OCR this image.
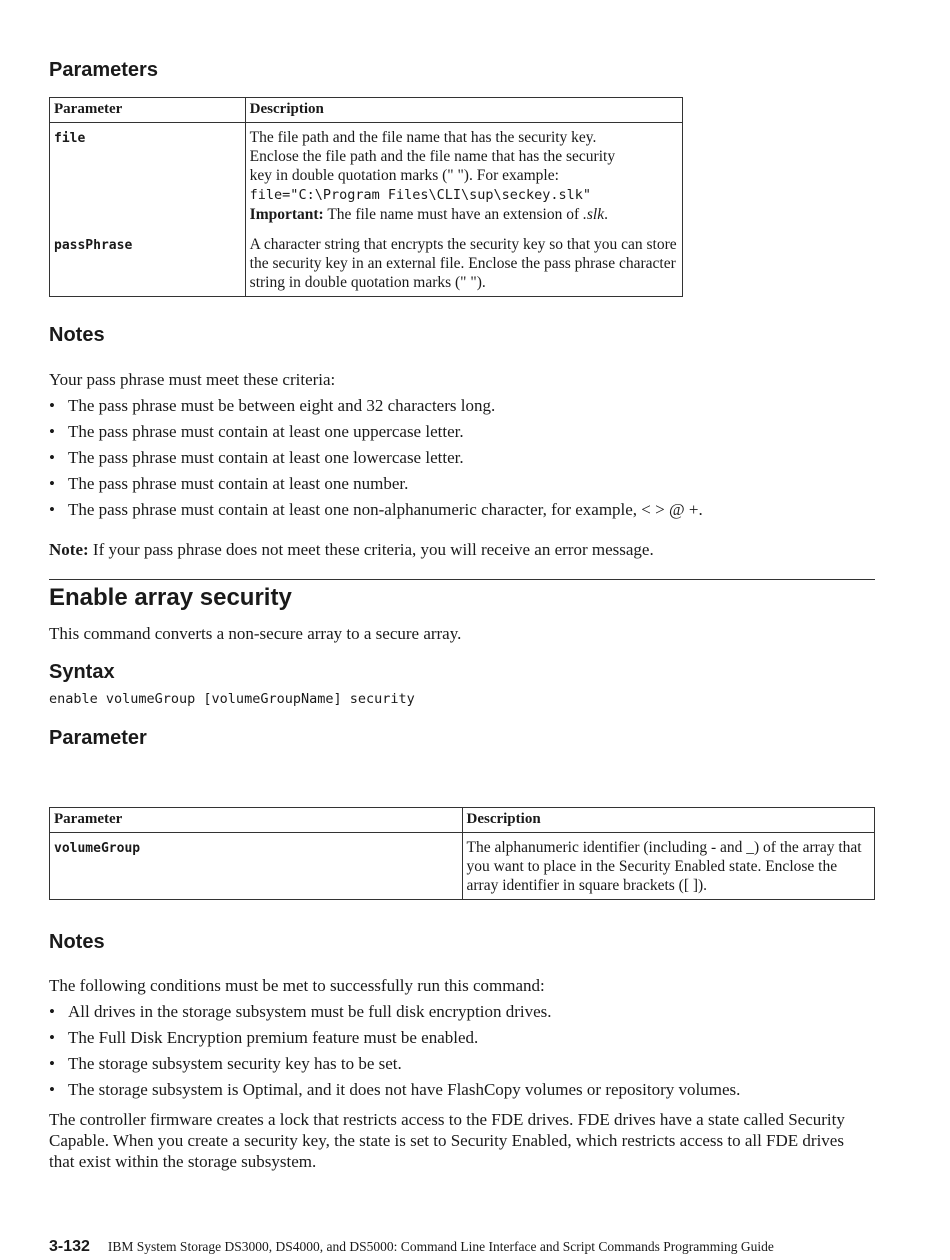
Parameters
Parameter	Description
file	The file path and the file name that has the security key.
Enclose the file path and the file name that has the security
key in double quotation marks (" "). For example:
file="C:\Program Files\CLI\sup\seckey.slk"
Important: The file name must have an extension of .slk.
passPhrase	A character string that encrypts the security key so that you can store the security key in an external file. Enclose the pass phrase character string in double quotation marks (" ").
Notes
Your pass phrase must meet these criteria:
• The pass phrase must be between eight and 32 characters long.
• The pass phrase must contain at least one uppercase letter.
• The pass phrase must contain at least one lowercase letter.
• The pass phrase must contain at least one number.
• The pass phrase must contain at least one non-alphanumeric character, for example, < > @ +.
Note: If your pass phrase does not meet these criteria, you will receive an error message.
Enable array security
This command converts a non-secure array to a secure array.
Syntax
enable volumeGroup [volumeGroupName] security
Parameter
Parameter	Description
volumeGroup	The alphanumeric identifier (including - and _) of the array that you want to place in the Security Enabled state. Enclose the array identifier in square brackets ([ ]).
Notes
The following conditions must be met to successfully run this command:
• All drives in the storage subsystem must be full disk encryption drives.
• The Full Disk Encryption premium feature must be enabled.
• The storage subsystem security key has to be set.
• The storage subsystem is Optimal, and it does not have FlashCopy volumes or repository volumes.
The controller firmware creates a lock that restricts access to the FDE drives. FDE drives have a state called Security Capable. When you create a security key, the state is set to Security Enabled, which restricts access to all FDE drives that exist within the storage subsystem.
3-132 IBM System Storage DS3000, DS4000, and DS5000: Command Line Interface and Script Commands Programming Guide
